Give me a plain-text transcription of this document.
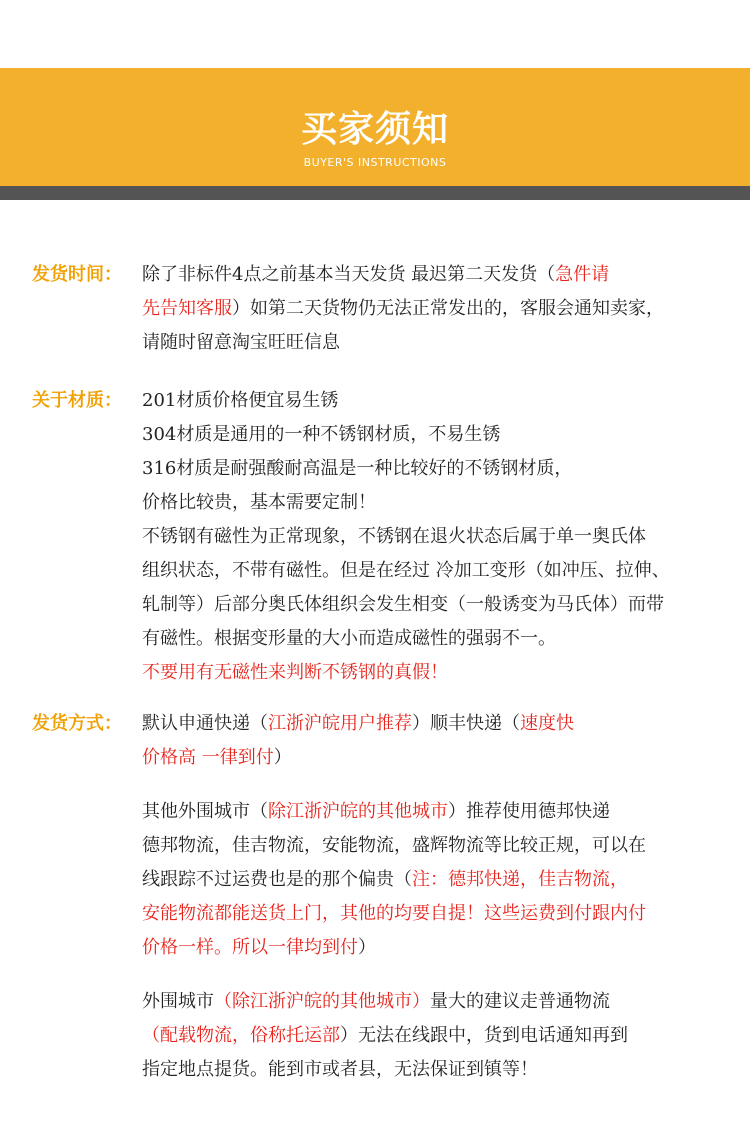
买家须知
BUYER'S INSTRUCTIONS
发货时间： 除了非标件4点之前基本当天发货 最迟第二天发货（急件请
先告知客服）如第二天货物仍无法正常发出的，客服会通知卖家，
请随时留意淘宝旺旺信息
关于材质： 201材质价格便宜易生锈
304材质是通用的一种不锈钢材质，不易生锈
316材质是耐强酸耐高温是一种比较好的不锈钢材质，
价格比较贵，基本需要定制！
不锈钢有磁性为正常现象，不锈钢在退火状态后属于单一奥氏体
组织状态，不带有磁性。但是在经过 冷加工变形（如冲压、拉伸、
轧制等）后部分奥氏体组织会发生相变（一般诱变为马氏体）而带
有磁性。根据变形量的大小而造成磁性的强弱不一。
不要用有无磁性来判断不锈钢的真假！
发货方式： 默认申通快递（江浙沪皖用户推荐）顺丰快递（速度快
价格高 一律到付）
其他外围城市（除江浙沪皖的其他城市）推荐使用德邦快递
德邦物流，佳吉物流，安能物流，盛辉物流等比较正规，可以在
线跟踪不过运费也是的那个偏贵（注：德邦快递，佳吉物流，
安能物流都能送货上门，其他的均要自提！这些运费到付跟内付
价格一样。所以一律均到付）
外围城市（除江浙沪皖的其他城市）量大的建议走普通物流
（配载物流，俗称托运部）无法在线跟中，货到电话通知再到
指定地点提货。能到市或者县，无法保证到镇等！
